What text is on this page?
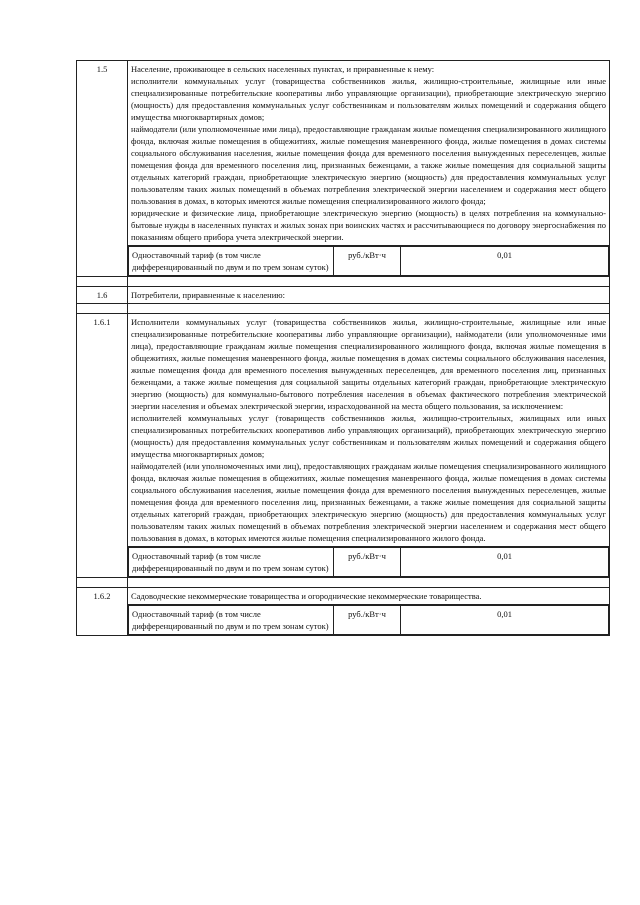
1.5	Население, проживающее в сельских населенных пунктах, и приравненные к нему:

исполнители коммунальных услуг (товарищества собственников жилья, жилищно-строительные, жилищные или иные специализированные потребительские кооперативы либо управляющие организации), приобретающие электрическую энергию (мощность) для предоставления коммунальных услуг собственникам и пользователям жилых помещений и содержания общего имущества многоквартирных домов;

наймодатели (или уполномоченные ими лица), предоставляющие гражданам жилые помещения специализированного жилищного фонда, включая жилые помещения в общежитиях, жилые помещения маневренного фонда, жилые помещения в домах системы социального обслуживания населения, жилые помещения фонда для временного поселения вынужденных переселенцев, жилые помещения фонда для временного поселения лиц, признанных беженцами, а также жилые помещения для социальной защиты отдельных категорий граждан, приобретающие электрическую энергию (мощность) для предоставления коммунальных услуг пользователям таких жилых помещений в объемах потребления электрической энергии населением и содержания мест общего пользования в домах, в которых имеются жилые помещения специализированного жилого фонда;

юридические и физические лица, приобретающие электрическую энергию (мощность) в целях потребления на коммунально-бытовые нужды в населенных пунктах и жилых зонах при воинских частях и рассчитывающиеся по договору энергоснабжения по показаниям общего прибора учета электрической энергии.

Одноставочный тариф (в том числе дифференцированный по двум и по трем зонам суток)	руб./кВт·ч	0,01

1.6	Потребители, приравненные к населению:

1.6.1	Исполнители коммунальных услуг (товарищества собственников жилья, жилищно-строительные, жилищные или иные специализированные потребительские кооперативы либо управляющие организации), наймодатели (или уполномоченные ими лица), предоставляющие гражданам жилые помещения специализированного жилищного фонда, включая жилые помещения в общежитиях, жилые помещения маневренного фонда, жилые помещения в домах системы социального обслуживания населения, жилые помещения фонда для временного поселения вынужденных переселенцев, для временного поселения лиц, признанных беженцами, а также жилые помещения для социальной защиты отдельных категорий граждан, приобретающие электрическую энергию (мощность) для коммунально-бытового потребления населения в объемах фактического потребления электрической энергии населения и объемах электрической энергии, израсходованной на места общего пользования, за исключением:

исполнителей коммунальных услуг (товариществ собственников жилья, жилищно-строительных, жилищных или иных специализированных потребительских кооперативов либо управляющих организаций), приобретающих электрическую энергию (мощность) для предоставления коммунальных услуг собственникам и пользователям жилых помещений и содержания общего имущества многоквартирных домов;

наймодателей (или уполномоченных ими лиц), предоставляющих гражданам жилые помещения специализированного жилищного фонда, включая жилые помещения в общежитиях, жилые помещения маневренного фонда, жилые помещения в домах системы социального обслуживания населения, жилые помещения фонда для временного поселения вынужденных переселенцев, жилые помещения фонда для временного поселения лиц, признанных беженцами, а также жилые помещения для социальной защиты отдельных категорий граждан, приобретающих электрическую энергию (мощность) для предоставления коммунальных услуг пользователям таких жилых помещений в объемах потребления электрической энергии населением и содержания мест общего пользования в домах, в которых имеются жилые помещения специализированного жилого фонда.

Одноставочный тариф (в том числе дифференцированный по двум и по трем зонам суток)	руб./кВт·ч	0,01

1.6.2	Садоводческие некоммерческие товарищества и огороднические некоммерческие товарищества.

Одноставочный тариф (в том числе дифференцированный по двум и по трем зонам суток)	руб./кВт·ч	0,01
